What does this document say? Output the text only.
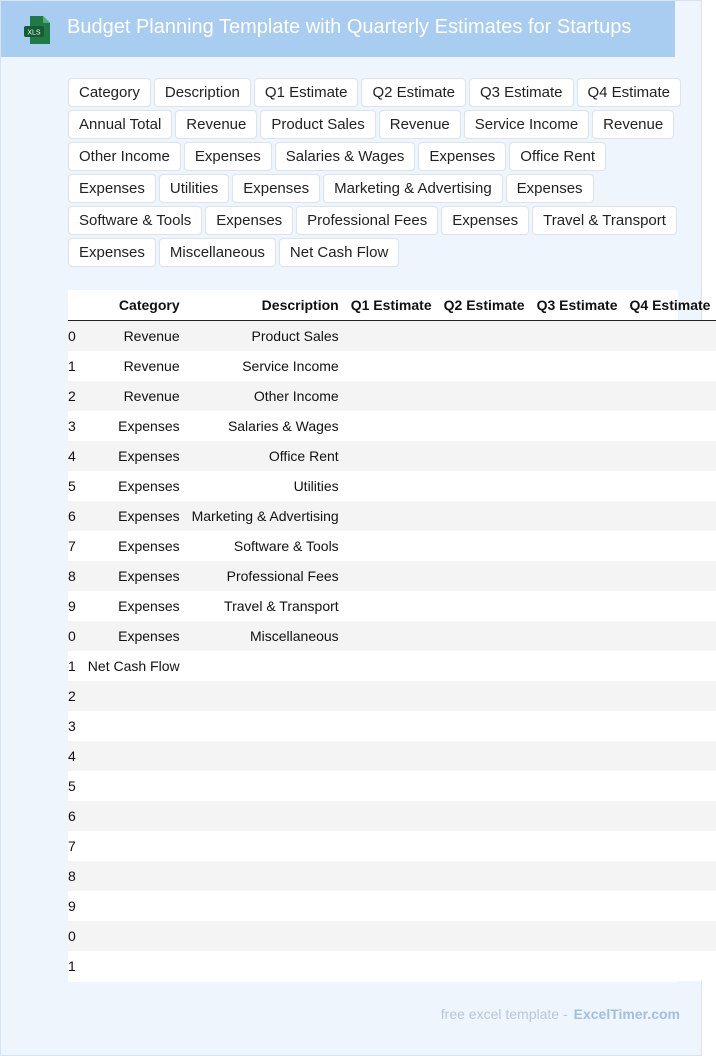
XLS Budget Planning Template with Quarterly Estimates for Startups
Category	Description	Q1 Estimate	Q2 Estimate	Q3 Estimate	Q4 Estimate
Annual Total	Revenue	Product Sales	Revenue	Service Income	Revenue
Other Income	Expenses	Salaries & Wages	Expenses	Office Rent
Expenses	Utilities	Expenses	Marketing & Advertising	Expenses
Software & Tools	Expenses	Professional Fees	Expenses	Travel & Transport
Expenses	Miscellaneous	Net Cash Flow
	Category	Description	Q1 Estimate	Q2 Estimate	Q3 Estimate	Q4 Estimate
0	Revenue	Product Sales				
1	Revenue	Service Income				
2	Revenue	Other Income				
3	Expenses	Salaries & Wages				
4	Expenses	Office Rent				
5	Expenses	Utilities				
6	Expenses	Marketing & Advertising				
7	Expenses	Software & Tools				
8	Expenses	Professional Fees				
9	Expenses	Travel & Transport				
0	Expenses	Miscellaneous				
1	Net Cash Flow					
2						
3						
4						
5						
6						
7						
8						
9						
0						
1						
free excel template - ExcelTimer.com
